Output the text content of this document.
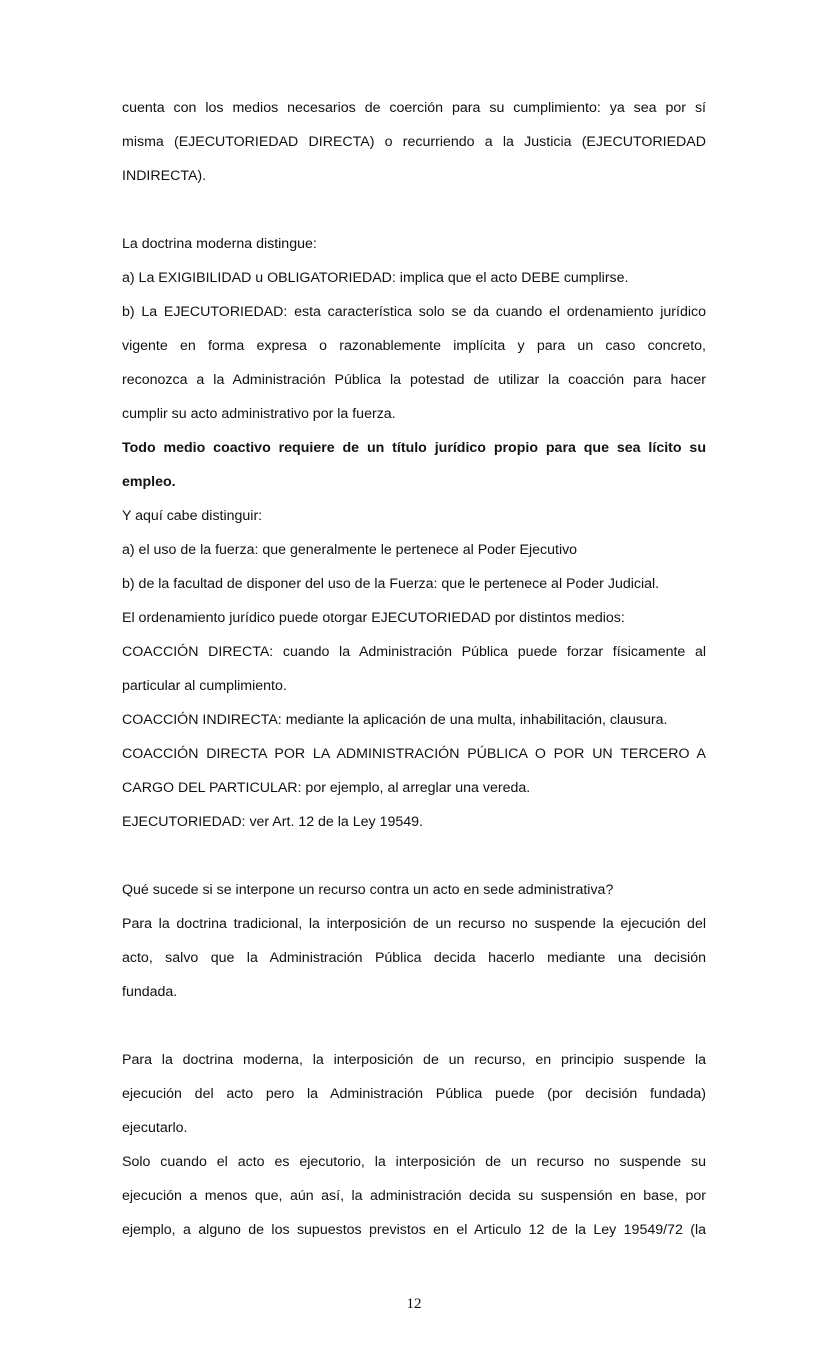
cuenta con los medios necesarios de coerción para su cumplimiento: ya sea por sí
misma (EJECUTORIEDAD DIRECTA) o recurriendo a la Justicia (EJECUTORIEDAD
INDIRECTA).
La doctrina moderna distingue:
a) La EXIGIBILIDAD u OBLIGATORIEDAD: implica que el acto DEBE cumplirse.
b) La EJECUTORIEDAD: esta característica solo se da cuando el ordenamiento jurídico
vigente en forma expresa o razonablemente implícita y para un caso concreto,
reconozca a la Administración Pública la potestad de utilizar la coacción para hacer
cumplir su acto administrativo por la fuerza.
Todo medio coactivo requiere de un título jurídico propio para que sea lícito su
empleo.
Y aquí cabe distinguir:
a) el uso de la fuerza: que generalmente le pertenece al Poder Ejecutivo
b) de la facultad de disponer del uso de la Fuerza: que le pertenece al Poder Judicial.
El ordenamiento jurídico puede otorgar EJECUTORIEDAD por distintos medios:
COACCIÓN DIRECTA: cuando la Administración Pública puede forzar físicamente al
particular al cumplimiento.
COACCIÓN INDIRECTA: mediante la aplicación de una multa, inhabilitación, clausura.
COACCIÓN DIRECTA POR LA ADMINISTRACIÓN PÚBLICA O POR UN TERCERO A
CARGO DEL PARTICULAR: por ejemplo, al arreglar una vereda.
EJECUTORIEDAD: ver Art. 12 de la Ley 19549.
Qué sucede si se interpone un recurso contra un acto en sede administrativa?
Para la doctrina tradicional, la interposición de un recurso no suspende la ejecución del
acto, salvo que la Administración Pública decida hacerlo mediante una decisión
fundada.
Para la doctrina moderna, la interposición de un recurso, en principio suspende la
ejecución del acto pero la Administración Pública puede (por decisión fundada)
ejecutarlo.
Solo cuando el acto es ejecutorio, la interposición de un recurso no suspende su
ejecución a menos que, aún así, la administración decida su suspensión en base, por
ejemplo, a alguno de los supuestos previstos en el Articulo 12 de la Ley 19549/72 (la
12
